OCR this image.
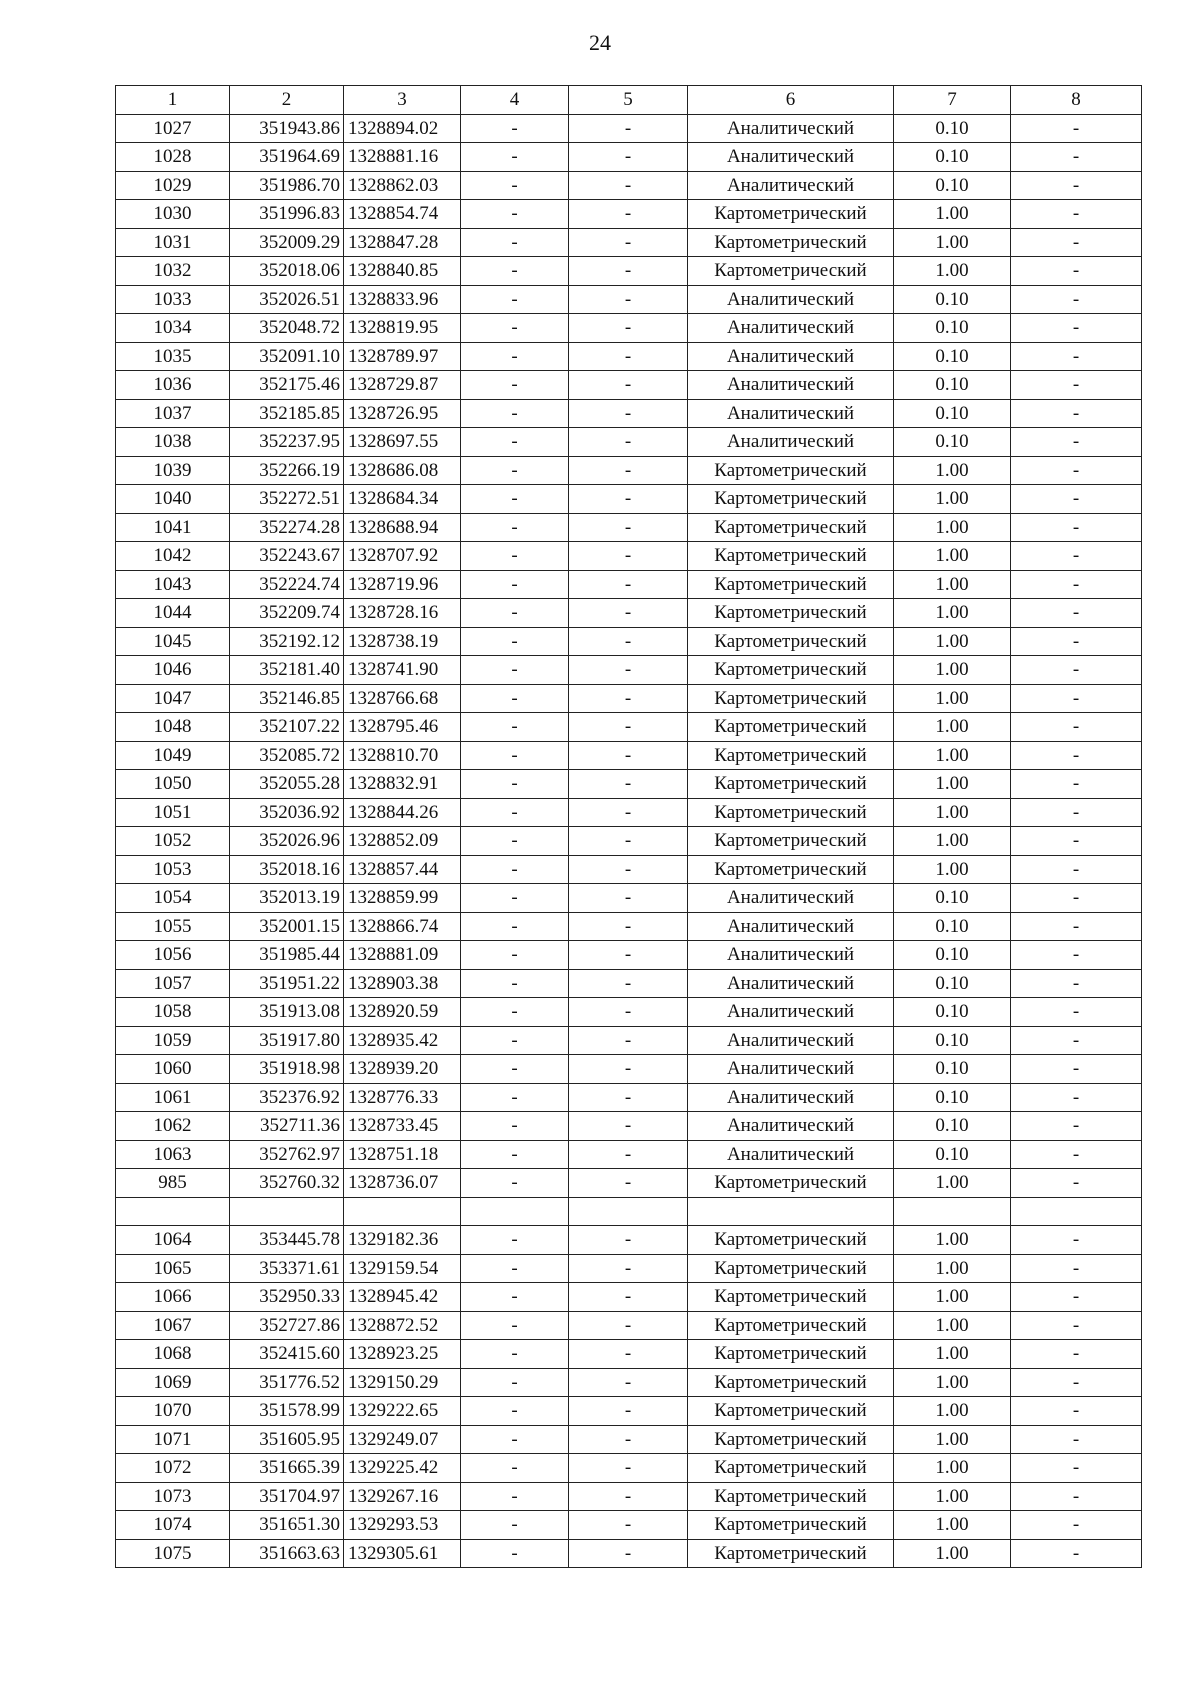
24
1	2	3	4	5	6	7	8
1027	351943.86	1328894.02	-	-	Аналитический	0.10	-
1028	351964.69	1328881.16	-	-	Аналитический	0.10	-
1029	351986.70	1328862.03	-	-	Аналитический	0.10	-
1030	351996.83	1328854.74	-	-	Картометрический	1.00	-
1031	352009.29	1328847.28	-	-	Картометрический	1.00	-
1032	352018.06	1328840.85	-	-	Картометрический	1.00	-
1033	352026.51	1328833.96	-	-	Аналитический	0.10	-
1034	352048.72	1328819.95	-	-	Аналитический	0.10	-
1035	352091.10	1328789.97	-	-	Аналитический	0.10	-
1036	352175.46	1328729.87	-	-	Аналитический	0.10	-
1037	352185.85	1328726.95	-	-	Аналитический	0.10	-
1038	352237.95	1328697.55	-	-	Аналитический	0.10	-
1039	352266.19	1328686.08	-	-	Картометрический	1.00	-
1040	352272.51	1328684.34	-	-	Картометрический	1.00	-
1041	352274.28	1328688.94	-	-	Картометрический	1.00	-
1042	352243.67	1328707.92	-	-	Картометрический	1.00	-
1043	352224.74	1328719.96	-	-	Картометрический	1.00	-
1044	352209.74	1328728.16	-	-	Картометрический	1.00	-
1045	352192.12	1328738.19	-	-	Картометрический	1.00	-
1046	352181.40	1328741.90	-	-	Картометрический	1.00	-
1047	352146.85	1328766.68	-	-	Картометрический	1.00	-
1048	352107.22	1328795.46	-	-	Картометрический	1.00	-
1049	352085.72	1328810.70	-	-	Картометрический	1.00	-
1050	352055.28	1328832.91	-	-	Картометрический	1.00	-
1051	352036.92	1328844.26	-	-	Картометрический	1.00	-
1052	352026.96	1328852.09	-	-	Картометрический	1.00	-
1053	352018.16	1328857.44	-	-	Картометрический	1.00	-
1054	352013.19	1328859.99	-	-	Аналитический	0.10	-
1055	352001.15	1328866.74	-	-	Аналитический	0.10	-
1056	351985.44	1328881.09	-	-	Аналитический	0.10	-
1057	351951.22	1328903.38	-	-	Аналитический	0.10	-
1058	351913.08	1328920.59	-	-	Аналитический	0.10	-
1059	351917.80	1328935.42	-	-	Аналитический	0.10	-
1060	351918.98	1328939.20	-	-	Аналитический	0.10	-
1061	352376.92	1328776.33	-	-	Аналитический	0.10	-
1062	352711.36	1328733.45	-	-	Аналитический	0.10	-
1063	352762.97	1328751.18	-	-	Аналитический	0.10	-
985	352760.32	1328736.07	-	-	Картометрический	1.00	-

1064	353445.78	1329182.36	-	-	Картометрический	1.00	-
1065	353371.61	1329159.54	-	-	Картометрический	1.00	-
1066	352950.33	1328945.42	-	-	Картометрический	1.00	-
1067	352727.86	1328872.52	-	-	Картометрический	1.00	-
1068	352415.60	1328923.25	-	-	Картометрический	1.00	-
1069	351776.52	1329150.29	-	-	Картометрический	1.00	-
1070	351578.99	1329222.65	-	-	Картометрический	1.00	-
1071	351605.95	1329249.07	-	-	Картометрический	1.00	-
1072	351665.39	1329225.42	-	-	Картометрический	1.00	-
1073	351704.97	1329267.16	-	-	Картометрический	1.00	-
1074	351651.30	1329293.53	-	-	Картометрический	1.00	-
1075	351663.63	1329305.61	-	-	Картометрический	1.00	-
